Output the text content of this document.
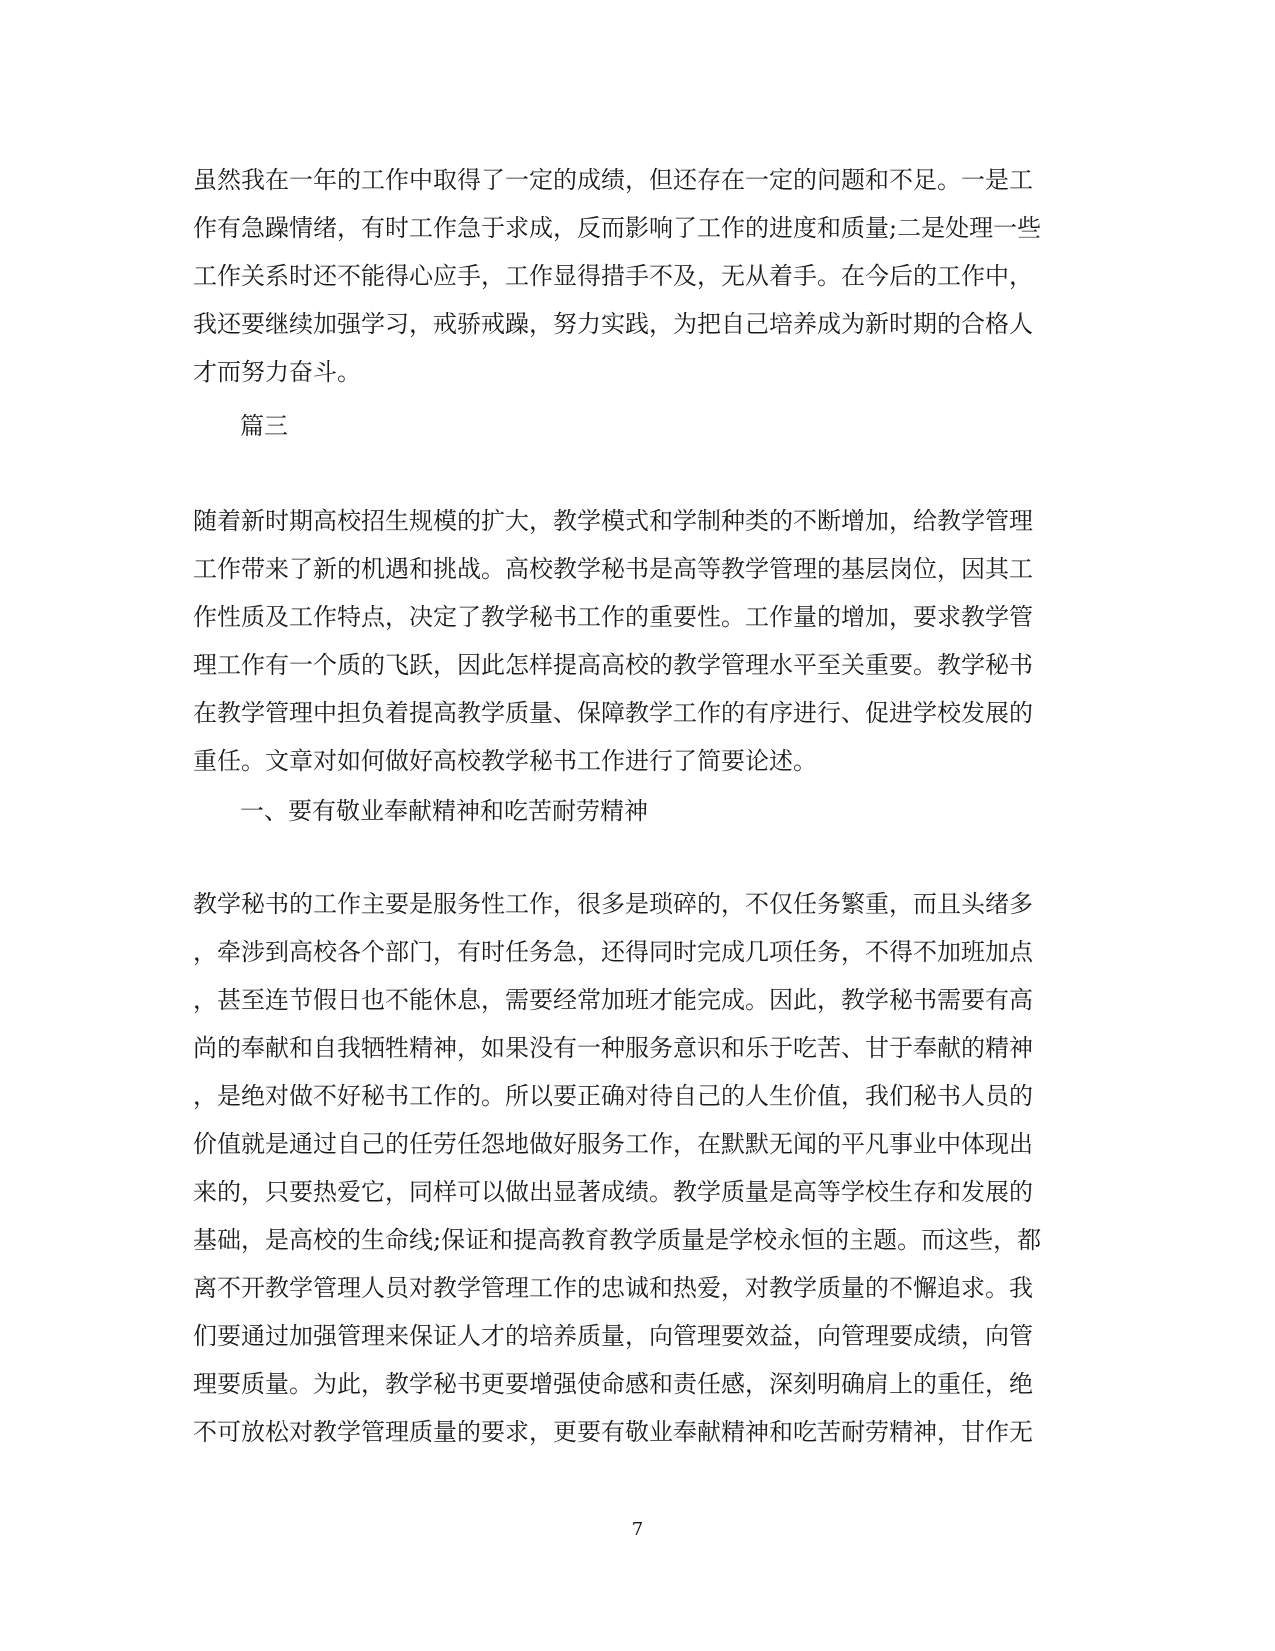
虽然我在一年的工作中取得了一定的成绩，但还存在一定的问题和不足。一是工
作有急躁情绪，有时工作急于求成，反而影响了工作的进度和质量;二是处理一些
工作关系时还不能得心应手，工作显得措手不及，无从着手。在今后的工作中，
我还要继续加强学习，戒骄戒躁，努力实践，为把自己培养成为新时期的合格人
才而努力奋斗。
篇三
随着新时期高校招生规模的扩大，教学模式和学制种类的不断增加，给教学管理
工作带来了新的机遇和挑战。高校教学秘书是高等教学管理的基层岗位，因其工
作性质及工作特点，决定了教学秘书工作的重要性。工作量的增加，要求教学管
理工作有一个质的飞跃，因此怎样提高高校的教学管理水平至关重要。教学秘书
在教学管理中担负着提高教学质量、保障教学工作的有序进行、促进学校发展的
重任。文章对如何做好高校教学秘书工作进行了简要论述。
一、要有敬业奉献精神和吃苦耐劳精神
教学秘书的工作主要是服务性工作，很多是琐碎的，不仅任务繁重，而且头绪多
，牵涉到高校各个部门，有时任务急，还得同时完成几项任务，不得不加班加点
，甚至连节假日也不能休息，需要经常加班才能完成。因此，教学秘书需要有高
尚的奉献和自我牺牲精神，如果没有一种服务意识和乐于吃苦、甘于奉献的精神
，是绝对做不好秘书工作的。所以要正确对待自己的人生价值，我们秘书人员的
价值就是通过自己的任劳任怨地做好服务工作，在默默无闻的平凡事业中体现出
来的，只要热爱它，同样可以做出显著成绩。教学质量是高等学校生存和发展的
基础，是高校的生命线;保证和提高教育教学质量是学校永恒的主题。而这些，都
离不开教学管理人员对教学管理工作的忠诚和热爱，对教学质量的不懈追求。我
们要通过加强管理来保证人才的培养质量，向管理要效益，向管理要成绩，向管
理要质量。为此，教学秘书更要增强使命感和责任感，深刻明确肩上的重任，绝
不可放松对教学管理质量的要求，更要有敬业奉献精神和吃苦耐劳精神，甘作无
7
